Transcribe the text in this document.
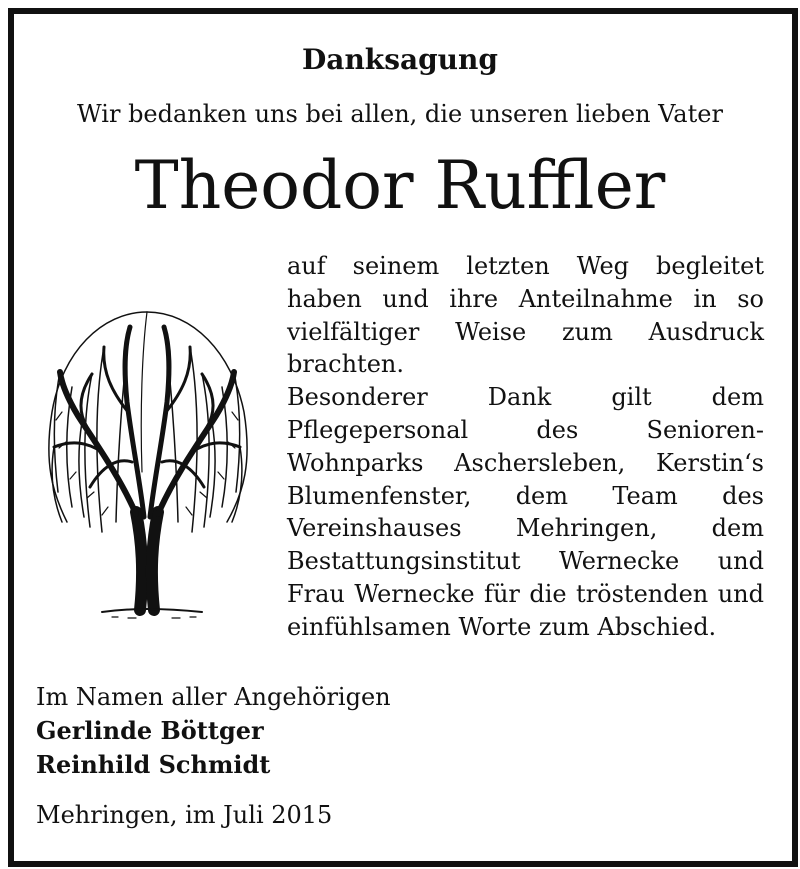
Danksagung
Wir bedanken uns bei allen, die unseren lieben Vater
Theodor Ruffler

auf seinem letzten Weg begleitet haben und ihre Anteilnahme in so vielfältiger Weise zum Ausdruck brachten.

Besonderer Dank gilt dem Pflegepersonal des Senioren-Wohnparks Aschersleben, Kerstin‘s Blumenfenster, dem Team des Vereinshauses Mehringen, dem Bestattungsinstitut Wernecke und Frau Wernecke für die tröstenden und einfühlsamen Worte zum Abschied.

Im Namen aller Angehörigen
Gerlinde Böttger
Reinhild Schmidt
Mehringen, im Juli 2015
